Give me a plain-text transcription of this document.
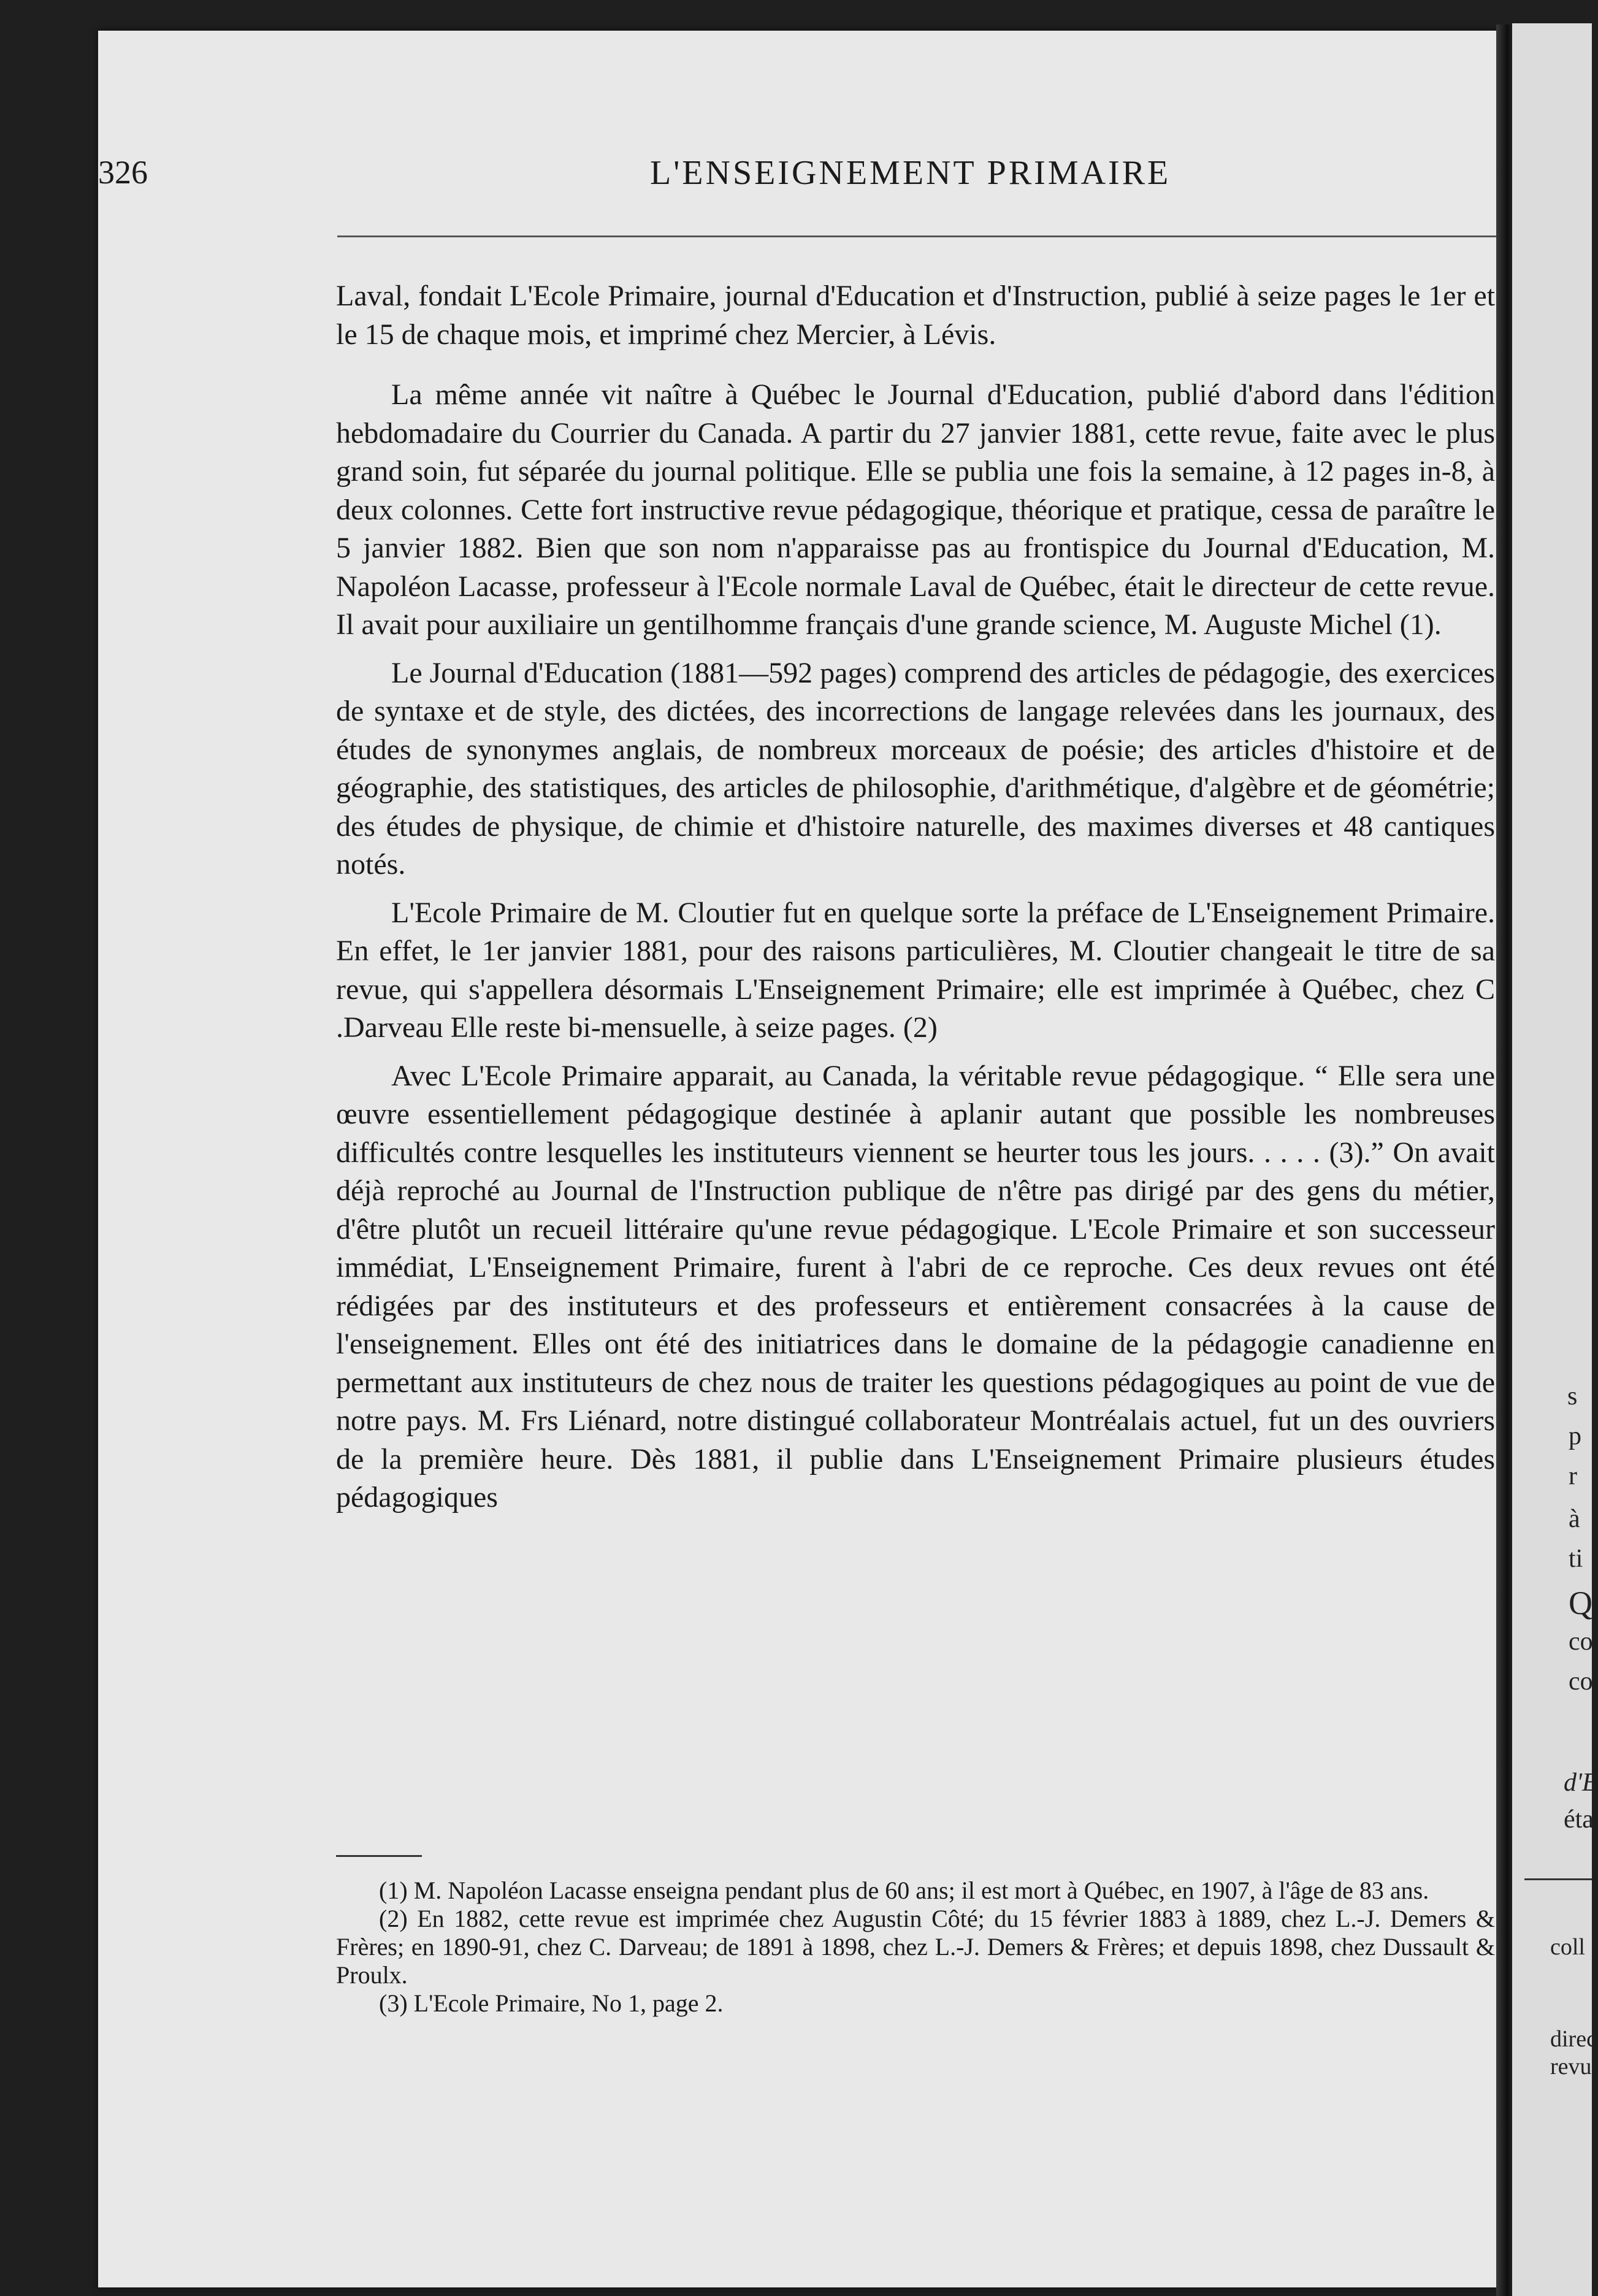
s
p
r
à
ti
Q
co
co
d'E
éta
coll
direc
revu
326	L'ENSEIGNEMENT PRIMAIRE

Laval, fondait L'Ecole Primaire, journal d'Education et d'Instruction, publié à seize pages le 1er et le 15 de chaque mois, et imprimé chez Mercier, à Lévis.

La même année vit naître à Québec le Journal d'Education, publié d'abord dans l'édition hebdomadaire du Courrier du Canada. A partir du 27 janvier 1881, cette revue, faite avec le plus grand soin, fut séparée du journal politique. Elle se publia une fois la semaine, à 12 pages in-8, à deux colonnes. Cette fort instructive revue pédagogique, théorique et pratique, cessa de paraître le 5 janvier 1882. Bien que son nom n'apparaisse pas au frontispice du Journal d'Education, M. Napoléon Lacasse, professeur à l'Ecole normale Laval de Québec, était le directeur de cette revue. Il avait pour auxiliaire un gentilhomme français d'une grande science, M. Auguste Michel (1).

Le Journal d'Education (1881—592 pages) comprend des articles de pédagogie, des exercices de syntaxe et de style, des dictées, des incorrections de langage relevées dans les journaux, des études de synonymes anglais, de nombreux morceaux de poésie; des articles d'histoire et de géographie, des statistiques, des articles de philosophie, d'arithmétique, d'algèbre et de géométrie; des études de physique, de chimie et d'histoire naturelle, des maximes diverses et 48 cantiques notés.

L'Ecole Primaire de M. Cloutier fut en quelque sorte la préface de L'Enseignement Primaire. En effet, le 1er janvier 1881, pour des raisons particulières, M. Cloutier changeait le titre de sa revue, qui s'appellera désormais L'Enseignement Primaire; elle est imprimée à Québec, chez C .Darveau Elle reste bi-mensuelle, à seize pages. (2)

Avec L'Ecole Primaire apparait, au Canada, la véritable revue pédagogique. “ Elle sera une œuvre essentiellement pédagogique destinée à aplanir autant que possible les nombreuses difficultés contre lesquelles les instituteurs viennent se heurter tous les jours. . . . . (3).” On avait déjà reproché au Journal de l'Instruction publique de n'être pas dirigé par des gens du métier, d'être plutôt un recueil littéraire qu'une revue pédagogique. L'Ecole Primaire et son successeur immédiat, L'Enseignement Primaire, furent à l'abri de ce reproche. Ces deux revues ont été rédigées par des instituteurs et des professeurs et entièrement consacrées à la cause de l'enseignement. Elles ont été des initiatrices dans le domaine de la pédagogie canadienne en permettant aux instituteurs de chez nous de traiter les questions pédagogiques au point de vue de notre pays. M. Frs Liénard, notre distingué collaborateur Montréalais actuel, fut un des ouvriers de la première heure. Dès 1881, il publie dans L'Enseignement Primaire plusieurs études pédagogiques

(1) M. Napoléon Lacasse enseigna pendant plus de 60 ans; il est mort à Québec, en 1907, à l'âge de 83 ans.

(2) En 1882, cette revue est imprimée chez Augustin Côté; du 15 février 1883 à 1889, chez L.-J. Demers & Frères; en 1890-91, chez C. Darveau; de 1891 à 1898, chez L.-J. Demers & Frères; et depuis 1898, chez Dussault & Proulx.

(3) L'Ecole Primaire, No 1, page 2.
